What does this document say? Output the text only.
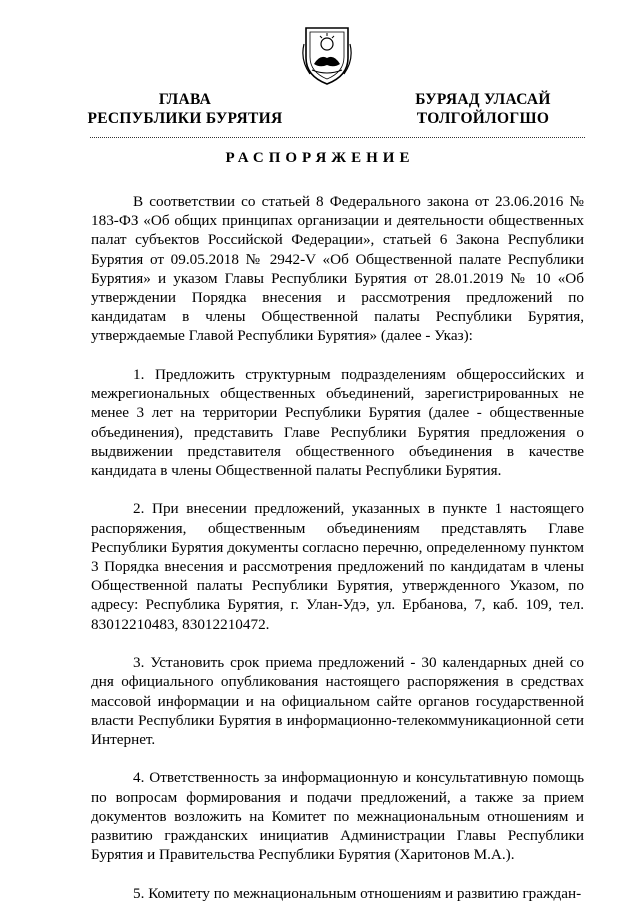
ГЛАВА
РЕСПУБЛИКИ БУРЯТИЯ
БУРЯАД УЛАСАЙ
ТОЛГОЙЛОГШО
РАСПОРЯЖЕНИЕ

В соответствии со статьей 8 Федерального закона от 23.06.2016 № 183-ФЗ «Об общих принципах организации и деятельности общественных палат субъектов Российской Федерации», статьей 6 Закона Республики Бурятия от 09.05.2018 № 2942-V «Об Общественной палате Республики Бурятия» и указом Главы Республики Бурятия от 28.01.2019 № 10 «Об утверждении Порядка внесения и рассмотрения предложений по кандидатам в члены Общественной палаты Республики Бурятия, утверждаемые Главой Республики Бурятия» (далее - Указ):

1. Предложить структурным подразделениям общероссийских и межрегиональных общественных объединений, зарегистрированных не менее 3 лет на территории Республики Бурятия (далее - общественные объединения), представить Главе Республики Бурятия предложения о выдвижении представителя общественного объединения в качестве кандидата в члены Общественной палаты Республики Бурятия.

2. При внесении предложений, указанных в пункте 1 настоящего распоряжения, общественным объединениям представлять Главе Республики Бурятия документы согласно перечню, определенному пунктом 3 Порядка внесения и рассмотрения предложений по кандидатам в члены Общественной палаты Республики Бурятия, утвержденного Указом, по адресу: Республика Бурятия, г. Улан-Удэ, ул. Ербанова, 7, каб. 109, тел. 83012210483, 83012210472.

3. Установить срок приема предложений - 30 календарных дней со дня официального опубликования настоящего распоряжения в средствах массовой информации и на официальном сайте органов государственной власти Республики Бурятия в информационно-телекоммуникационной сети Интернет.

4. Ответственность за информационную и консультативную помощь по вопросам формирования и подачи предложений, а также за прием документов возложить на Комитет по межнациональным отношениям и развитию гражданских инициатив Администрации Главы Республики Бурятия и Правительства Республики Бурятия (Харитонов М.А.).

5. Комитету по межнациональным отношениям и развитию граждан-
